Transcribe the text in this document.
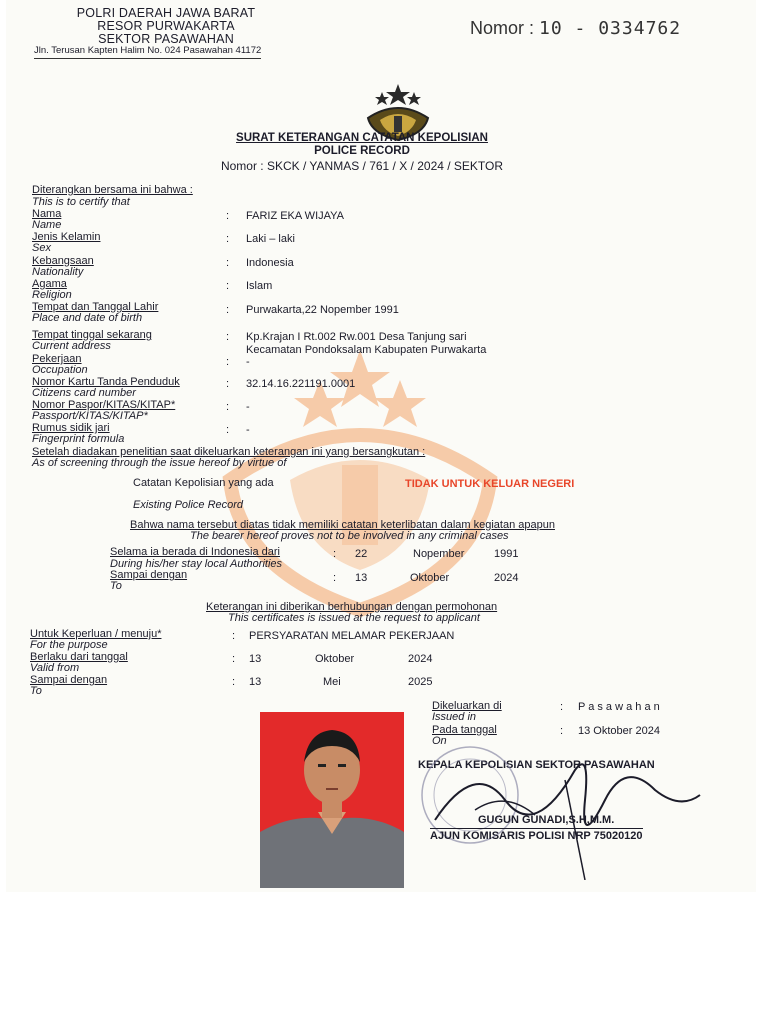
POLRI DAERAH JAWA BARAT
RESOR PURWAKARTA
SEKTOR PASAWAHAN
Jln. Terusan Kapten Halim No. 024 Pasawahan 41172
Nomor : 10 - 0334762
SURAT KETERANGAN CATATAN KEPOLISIAN
POLICE RECORD
Nomor : SKCK / YANMAS / 761 / X / 2024 / SEKTOR
Diterangkan bersama ini bahwa :
This is to certify that
Nama
Name
: FARIZ EKA WIJAYA
Jenis Kelamin
Sex
: Laki – laki
Kebangsaan
Nationality
: Indonesia
Agama
Religion
: Islam
Tempat dan Tanggal Lahir
Place and date of birth
: Purwakarta,22 Nopember 1991
Tempat tinggal sekarang
Current address
: Kp.Krajan I Rt.002 Rw.001 Desa Tanjung sari
Kecamatan Pondoksalam Kabupaten Purwakarta
Pekerjaan
Occupation
: -
Nomor Kartu Tanda Penduduk
Citizens card number
: 32.14.16.221191.0001
Nomor Paspor/KITAS/KITAP*
Passport/KITAS/KITAP*
: -
Rumus sidik jari
Fingerprint formula
: -
Setelah diadakan penelitian saat dikeluarkan keterangan ini yang bersangkutan :
As of screening through the issue hereof by virtue of
Catatan Kepolisian yang ada	TIDAK UNTUK KELUAR NEGERI
Existing Police Record
Bahwa nama tersebut diatas tidak memiliki catatan keterlibatan dalam kegiatan apapun
The bearer hereof proves not to be involved in any criminal cases
Selama ia berada di Indonesia dari
During his/her stay local Authorities
: 22	Nopember	1991
Sampai dengan
To
: 13	Oktober	2024
Keterangan ini diberikan berhubungan dengan permohonan
This certificates is issued at the request to applicant
Untuk Keperluan / menuju*
For the purpose
: PERSYARATAN MELAMAR PEKERJAAN
Berlaku dari tanggal
Valid from
: 13	Oktober	2024
Sampai dengan
To
: 13	Mei	2025
Dikeluarkan di
Issued in
: P a s a w a h a n
Pada tanggal
On
: 13 Oktober 2024
KEPALA KEPOLISIAN SEKTOR PASAWAHAN
GUGUN GUNADI,S.H,M.M.
AJUN KOMISARIS POLISI NRP 75020120
